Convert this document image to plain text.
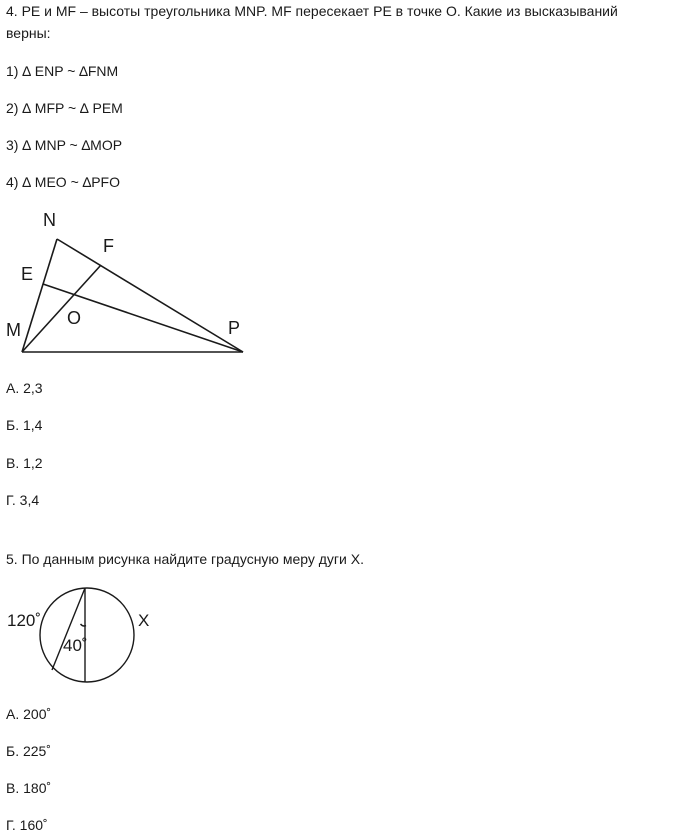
4. PE и MF – высоты треугольника MNP. MF пересекает PE в точке O. Какие из высказываний верны:
1) ∆ ENP ~ ∆FNM
2) ∆ MFP ~ ∆ PEM
3) ∆ MNP ~ ∆MOP
4) ∆ MEO ~ ∆PFO
N
F
E
M
O	P
А. 2,3
Б. 1,4
В. 1,2
Г. 3,4
5. По данным рисунка найдите градусную меру дуги X.
120˚
40˚
X
А. 200˚
Б. 225˚
В. 180˚
Г. 160˚
